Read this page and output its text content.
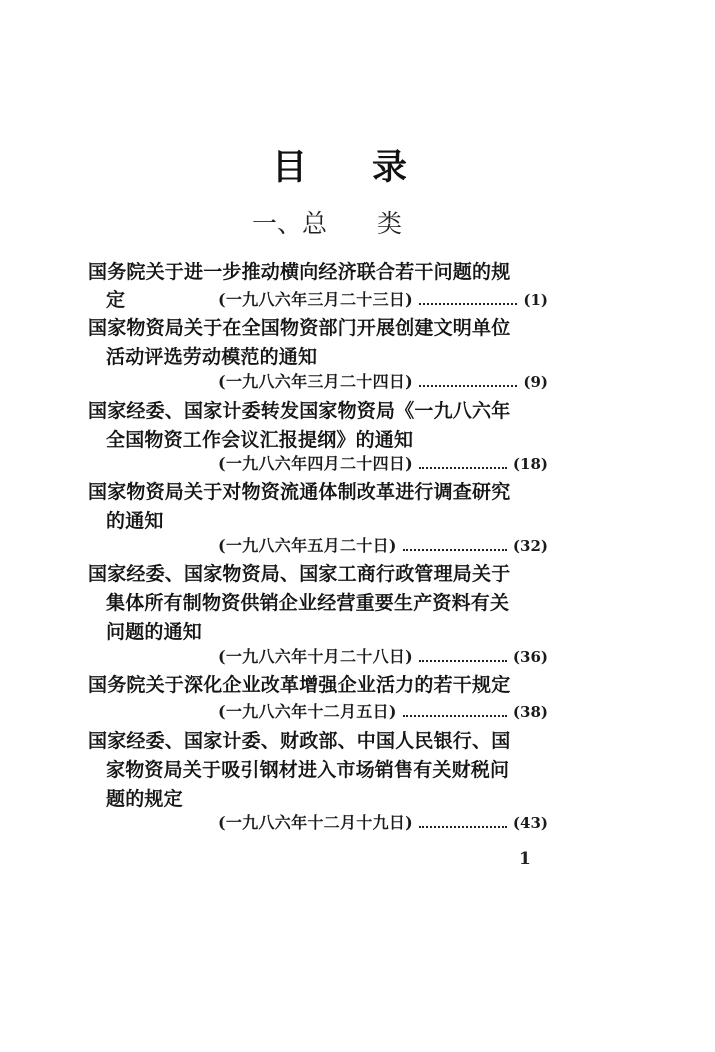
目 录
一、总 类
国务院关于进一步推动横向经济联合若干问题的规
定	(一九八六年三月二十三日)	(1)
国家物资局关于在全国物资部门开展创建文明单位
活动评选劳动模范的通知
(一九八六年三月二十四日)	(9)
国家经委、国家计委转发国家物资局《一九八六年
全国物资工作会议汇报提纲》的通知
(一九八六年四月二十四日)	(18)
国家物资局关于对物资流通体制改革进行调查研究
的通知
(一九八六年五月二十日)	(32)
国家经委、国家物资局、国家工商行政管理局关于
集体所有制物资供销企业经营重要生产资料有关
问题的通知
(一九八六年十月二十八日)	(36)
国务院关于深化企业改革增强企业活力的若干规定
(一九八六年十二月五日)	(38)
国家经委、国家计委、财政部、中国人民银行、国
家物资局关于吸引钢材进入市场销售有关财税问
题的规定
(一九八六年十二月十九日)	(43)
1
